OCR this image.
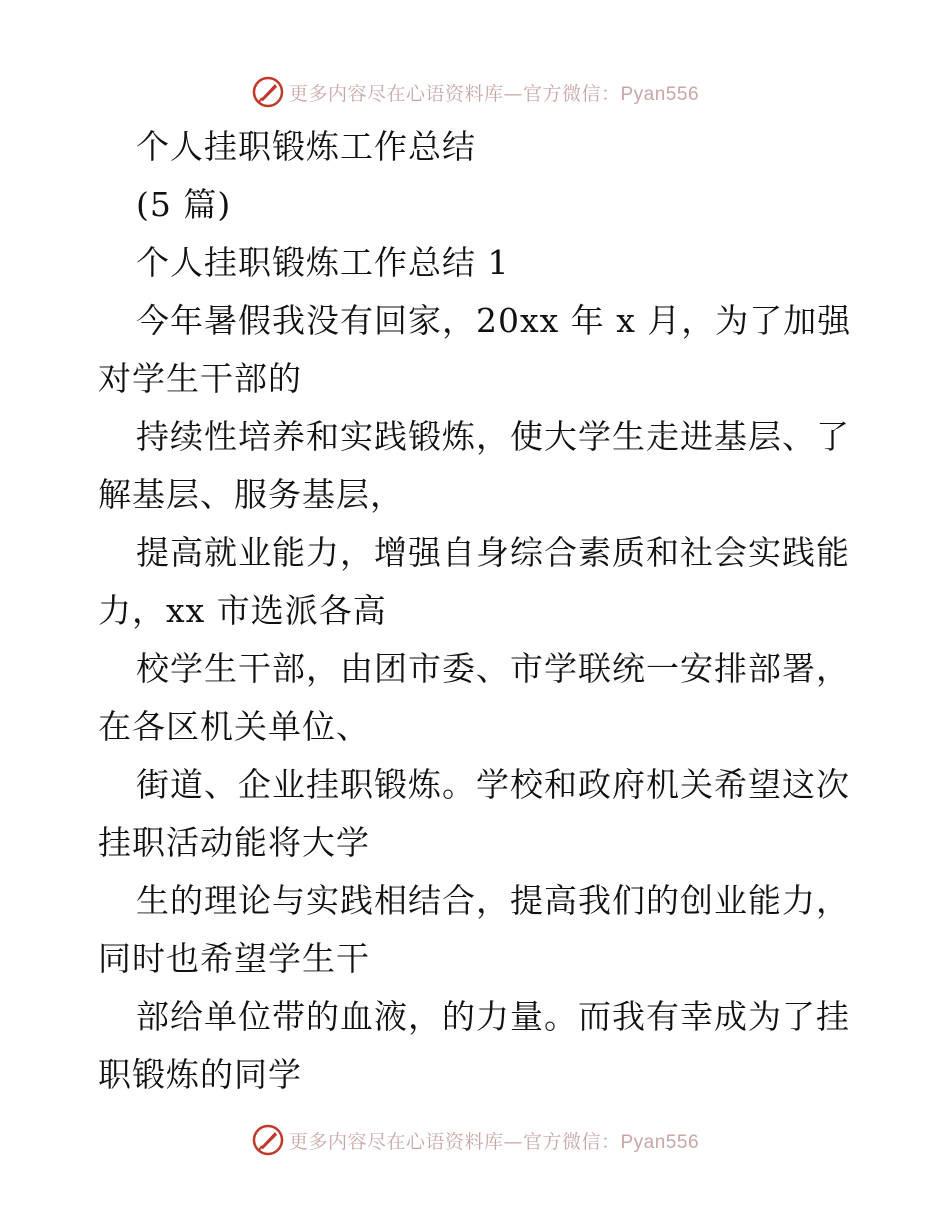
更多内容尽在心语资料库—官方微信：Pyan556
个人挂职锻炼工作总结
(5 篇)
个人挂职锻炼工作总结 1
今年暑假我没有回家，20xx 年 x 月，为了加强
对学生干部的
持续性培养和实践锻炼，使大学生走进基层、了
解基层、服务基层，
提高就业能力，增强自身综合素质和社会实践能
力，xx 市选派各高
校学生干部，由团市委、市学联统一安排部署，
在各区机关单位、
街道、企业挂职锻炼。学校和政府机关希望这次
挂职活动能将大学
生的理论与实践相结合，提高我们的创业能力，
同时也希望学生干
部给单位带的血液，的力量。而我有幸成为了挂
职锻炼的同学
更多内容尽在心语资料库—官方微信：Pyan556
